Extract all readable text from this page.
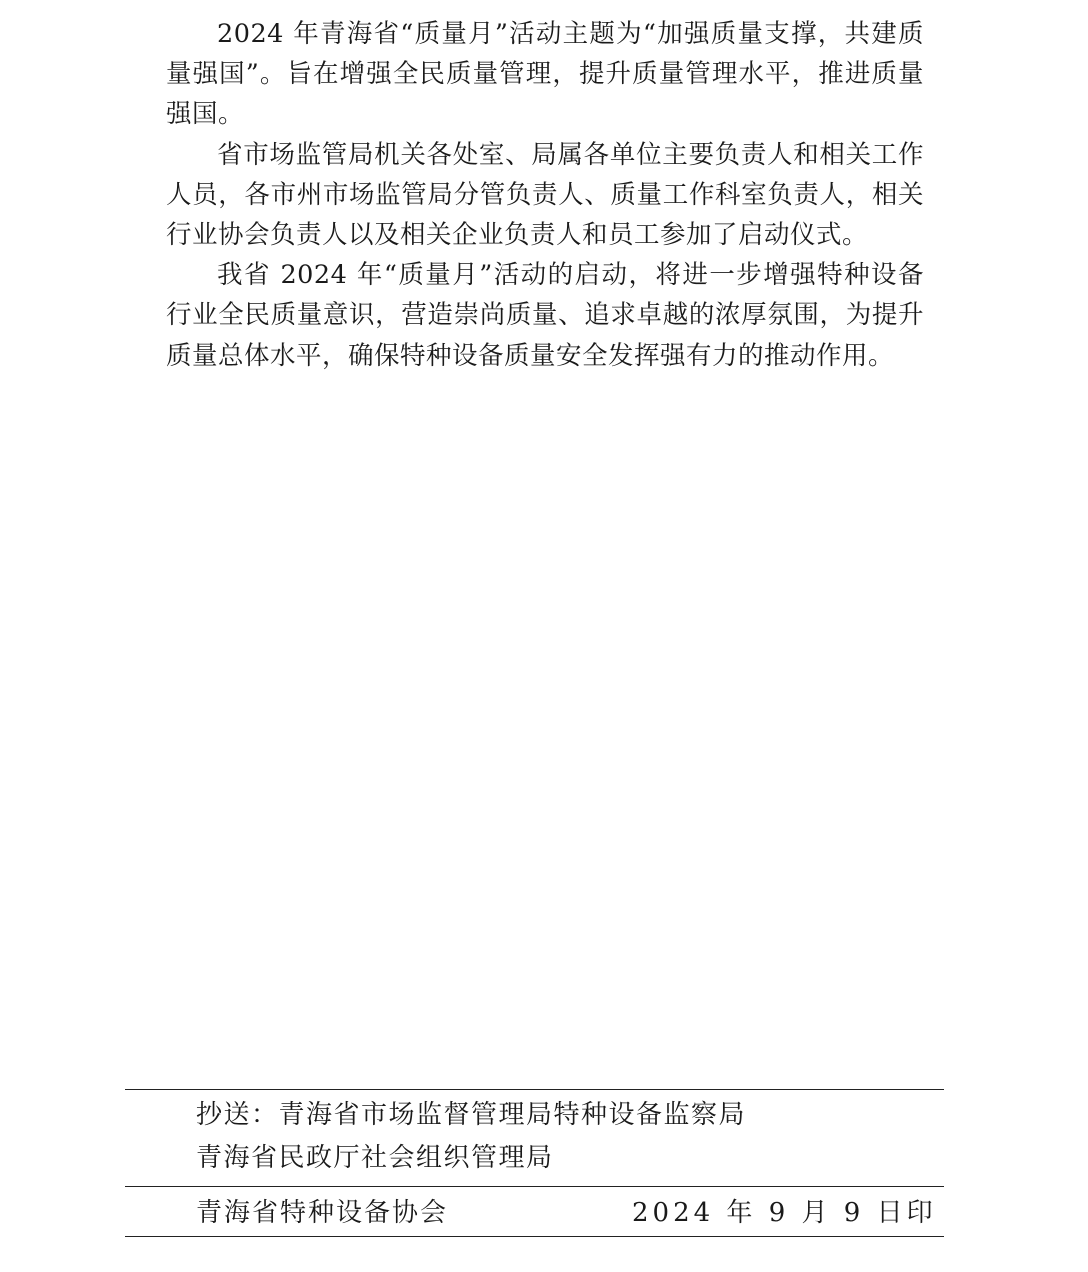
2024 年青海省“质量月”活动主题为“加强质量支撑，共建质量强国”。旨在增强全民质量管理，提升质量管理水平，推进质量强国。

省市场监管局机关各处室、局属各单位主要负责人和相关工作人员，各市州市场监管局分管负责人、质量工作科室负责人，相关行业协会负责人以及相关企业负责人和员工参加了启动仪式。

我省 2024 年“质量月”活动的启动，将进一步增强特种设备行业全民质量意识，营造崇尚质量、追求卓越的浓厚氛围，为提升质量总体水平，确保特种设备质量安全发挥强有力的推动作用。

抄送：青海省市场监督管理局特种设备监察局
青海省民政厅社会组织管理局
青海省特种设备协会	2024 年 9 月 9 日印
